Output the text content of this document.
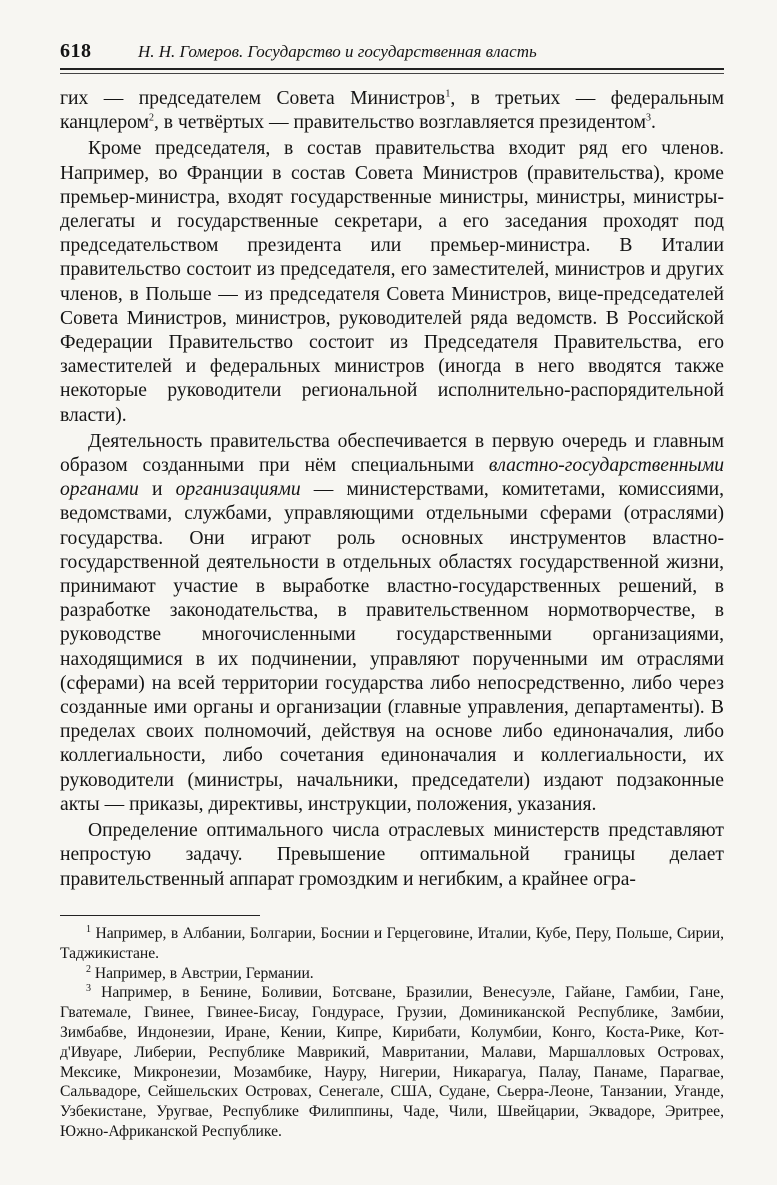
618	Н. Н. Гомеров. Государство и государственная власть

гих — председателем Совета Министров$^1$, в третьих — федеральным канцлером$^2$, в четвёртых — правительство возглавляется президентом$^3$.

Кроме председателя, в состав правительства входит ряд его членов. Например, во Франции в состав Совета Министров (правительства), кроме премьер-министра, входят государственные министры, министры, министры-делегаты и государственные секретари, а его заседания проходят под председательством президента или премьер-министра. В Италии правительство состоит из председателя, его заместителей, министров и других членов, в Польше — из председателя Совета Министров, вице-председателей Совета Министров, министров, руководителей ряда ведомств. В Российской Федерации Правительство состоит из Председателя Правительства, его заместителей и федеральных министров (иногда в него вводятся также некоторые руководители региональной исполнительно-распорядительной власти).

Деятельность правительства обеспечивается в первую очередь и главным образом созданными при нём специальными властно-государственными органами и организациями — министерствами, комитетами, комиссиями, ведомствами, службами, управляющими отдельными сферами (отраслями) государства. Они играют роль основных инструментов властно-государственной деятельности в отдельных областях государственной жизни, принимают участие в выработке властно-государственных решений, в разработке законодательства, в правительственном нормотворчестве, в руководстве многочисленными государственными организациями, находящимися в их подчинении, управляют порученными им отраслями (сферами) на всей территории государства либо непосредственно, либо через созданные ими органы и организации (главные управления, департаменты). В пределах своих полномочий, действуя на основе либо единоначалия, либо коллегиальности, либо сочетания единоначалия и коллегиальности, их руководители (министры, начальники, председатели) издают подзаконные акты — приказы, директивы, инструкции, положения, указания.

Определение оптимального числа отраслевых министерств представляют непростую задачу. Превышение оптимальной границы делает правительственный аппарат громоздким и негибким, а крайнее огра-

$^1$ Например, в Албании, Болгарии, Боснии и Герцеговине, Италии, Кубе, Перу, Польше, Сирии, Таджикистане.

$^2$ Например, в Австрии, Германии.

$^3$ Например, в Бенине, Боливии, Ботсване, Бразилии, Венесуэле, Гайане, Гамбии, Гане, Гватемале, Гвинее, Гвинее-Бисау, Гондурасе, Грузии, Доминиканской Республике, Замбии, Зимбабве, Индонезии, Иране, Кении, Кипре, Кирибати, Колумбии, Конго, Коста-Рике, Кот-д'Ивуаре, Либерии, Республике Маврикий, Мавритании, Малави, Маршалловых Островах, Мексике, Микронезии, Мозамбике, Науру, Нигерии, Никарагуа, Палау, Панаме, Парагвае, Сальвадоре, Сейшельских Островах, Сенегале, США, Судане, Сьерра-Леоне, Танзании, Уганде, Узбекистане, Уругвае, Республике Филиппины, Чаде, Чили, Швейцарии, Эквадоре, Эритрее, Южно-Африканской Республике.
